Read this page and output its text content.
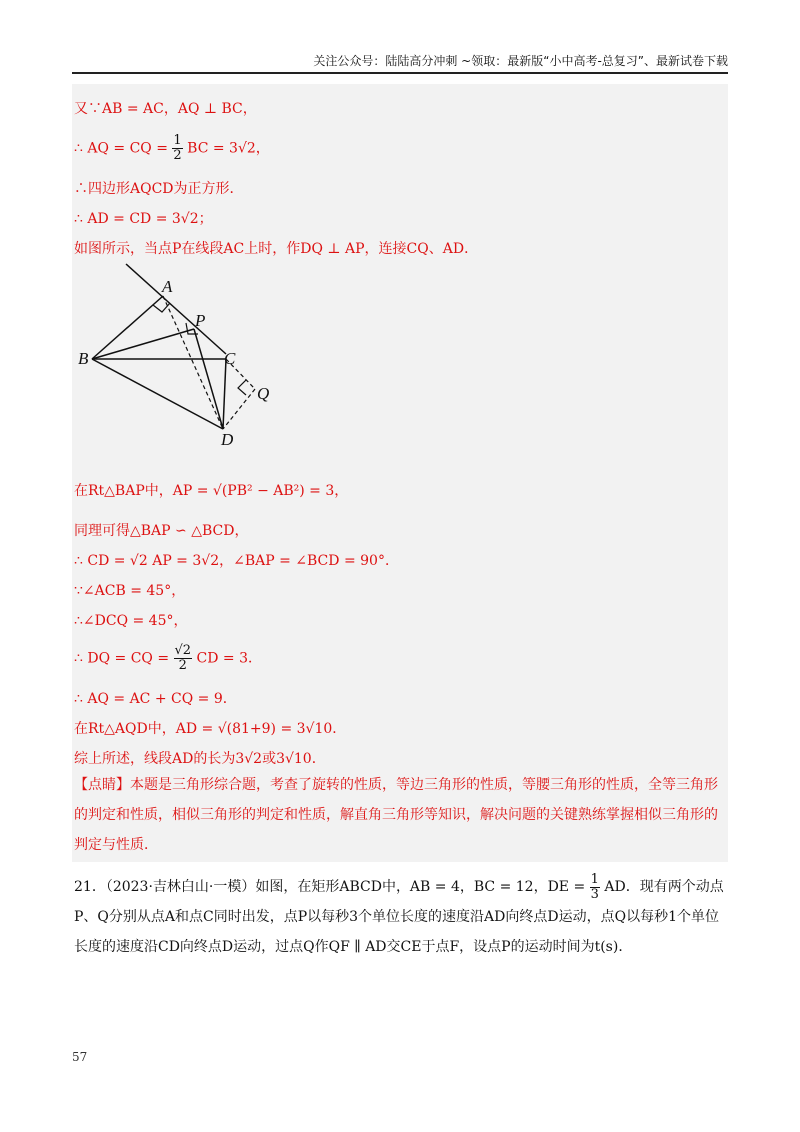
关注公众号：陆陆高分冲刺 ~领取：最新版“小中高考-总复习”、最新试卷下载
又∵AB = AC，AQ ⊥ BC，
∴ AQ = CQ = $\frac{1}{2}$ BC = 3√2，
∴四边形AQCD为正方形．
∴ AD = CD = 3√2；
如图所示，当点P在线段AC上时，作DQ ⊥ AP，连接CQ、AD．
A
P
B	C
Q
D
在Rt△BAP中，AP = √(PB² − AB²) = 3，
同理可得△BAP ∽ △BCD，
∴ CD = √2 AP = 3√2，∠BAP = ∠BCD = 90°．
∵∠ACB = 45°，
∴∠DCQ = 45°，
∴ DQ = CQ = $\frac{√2}{2}$ CD = 3．
∴ AQ = AC + CQ = 9．
在Rt△AQD中，AD = √(81+9) = 3√10．
综上所述，线段AD的长为3√2或3√10．
【点睛】本题是三角形综合题，考查了旋转的性质，等边三角形的性质，等腰三角形的性质，全等三角形的判定和性质，相似三角形的判定和性质，解直角三角形等知识，解决问题的关键熟练掌握相似三角形的判定与性质．
21．（2023·吉林白山·一模）如图，在矩形ABCD中，AB = 4，BC = 12，DE = $\frac{1}{3}$ AD．现有两个动点P、Q分别从点A和点C同时出发，点P以每秒3个单位长度的速度沿AD向终点D运动，点Q以每秒1个单位长度的速度沿CD向终点D运动，过点Q作QF ∥ AD交CE于点F，设点P的运动时间为t(s)．
57
